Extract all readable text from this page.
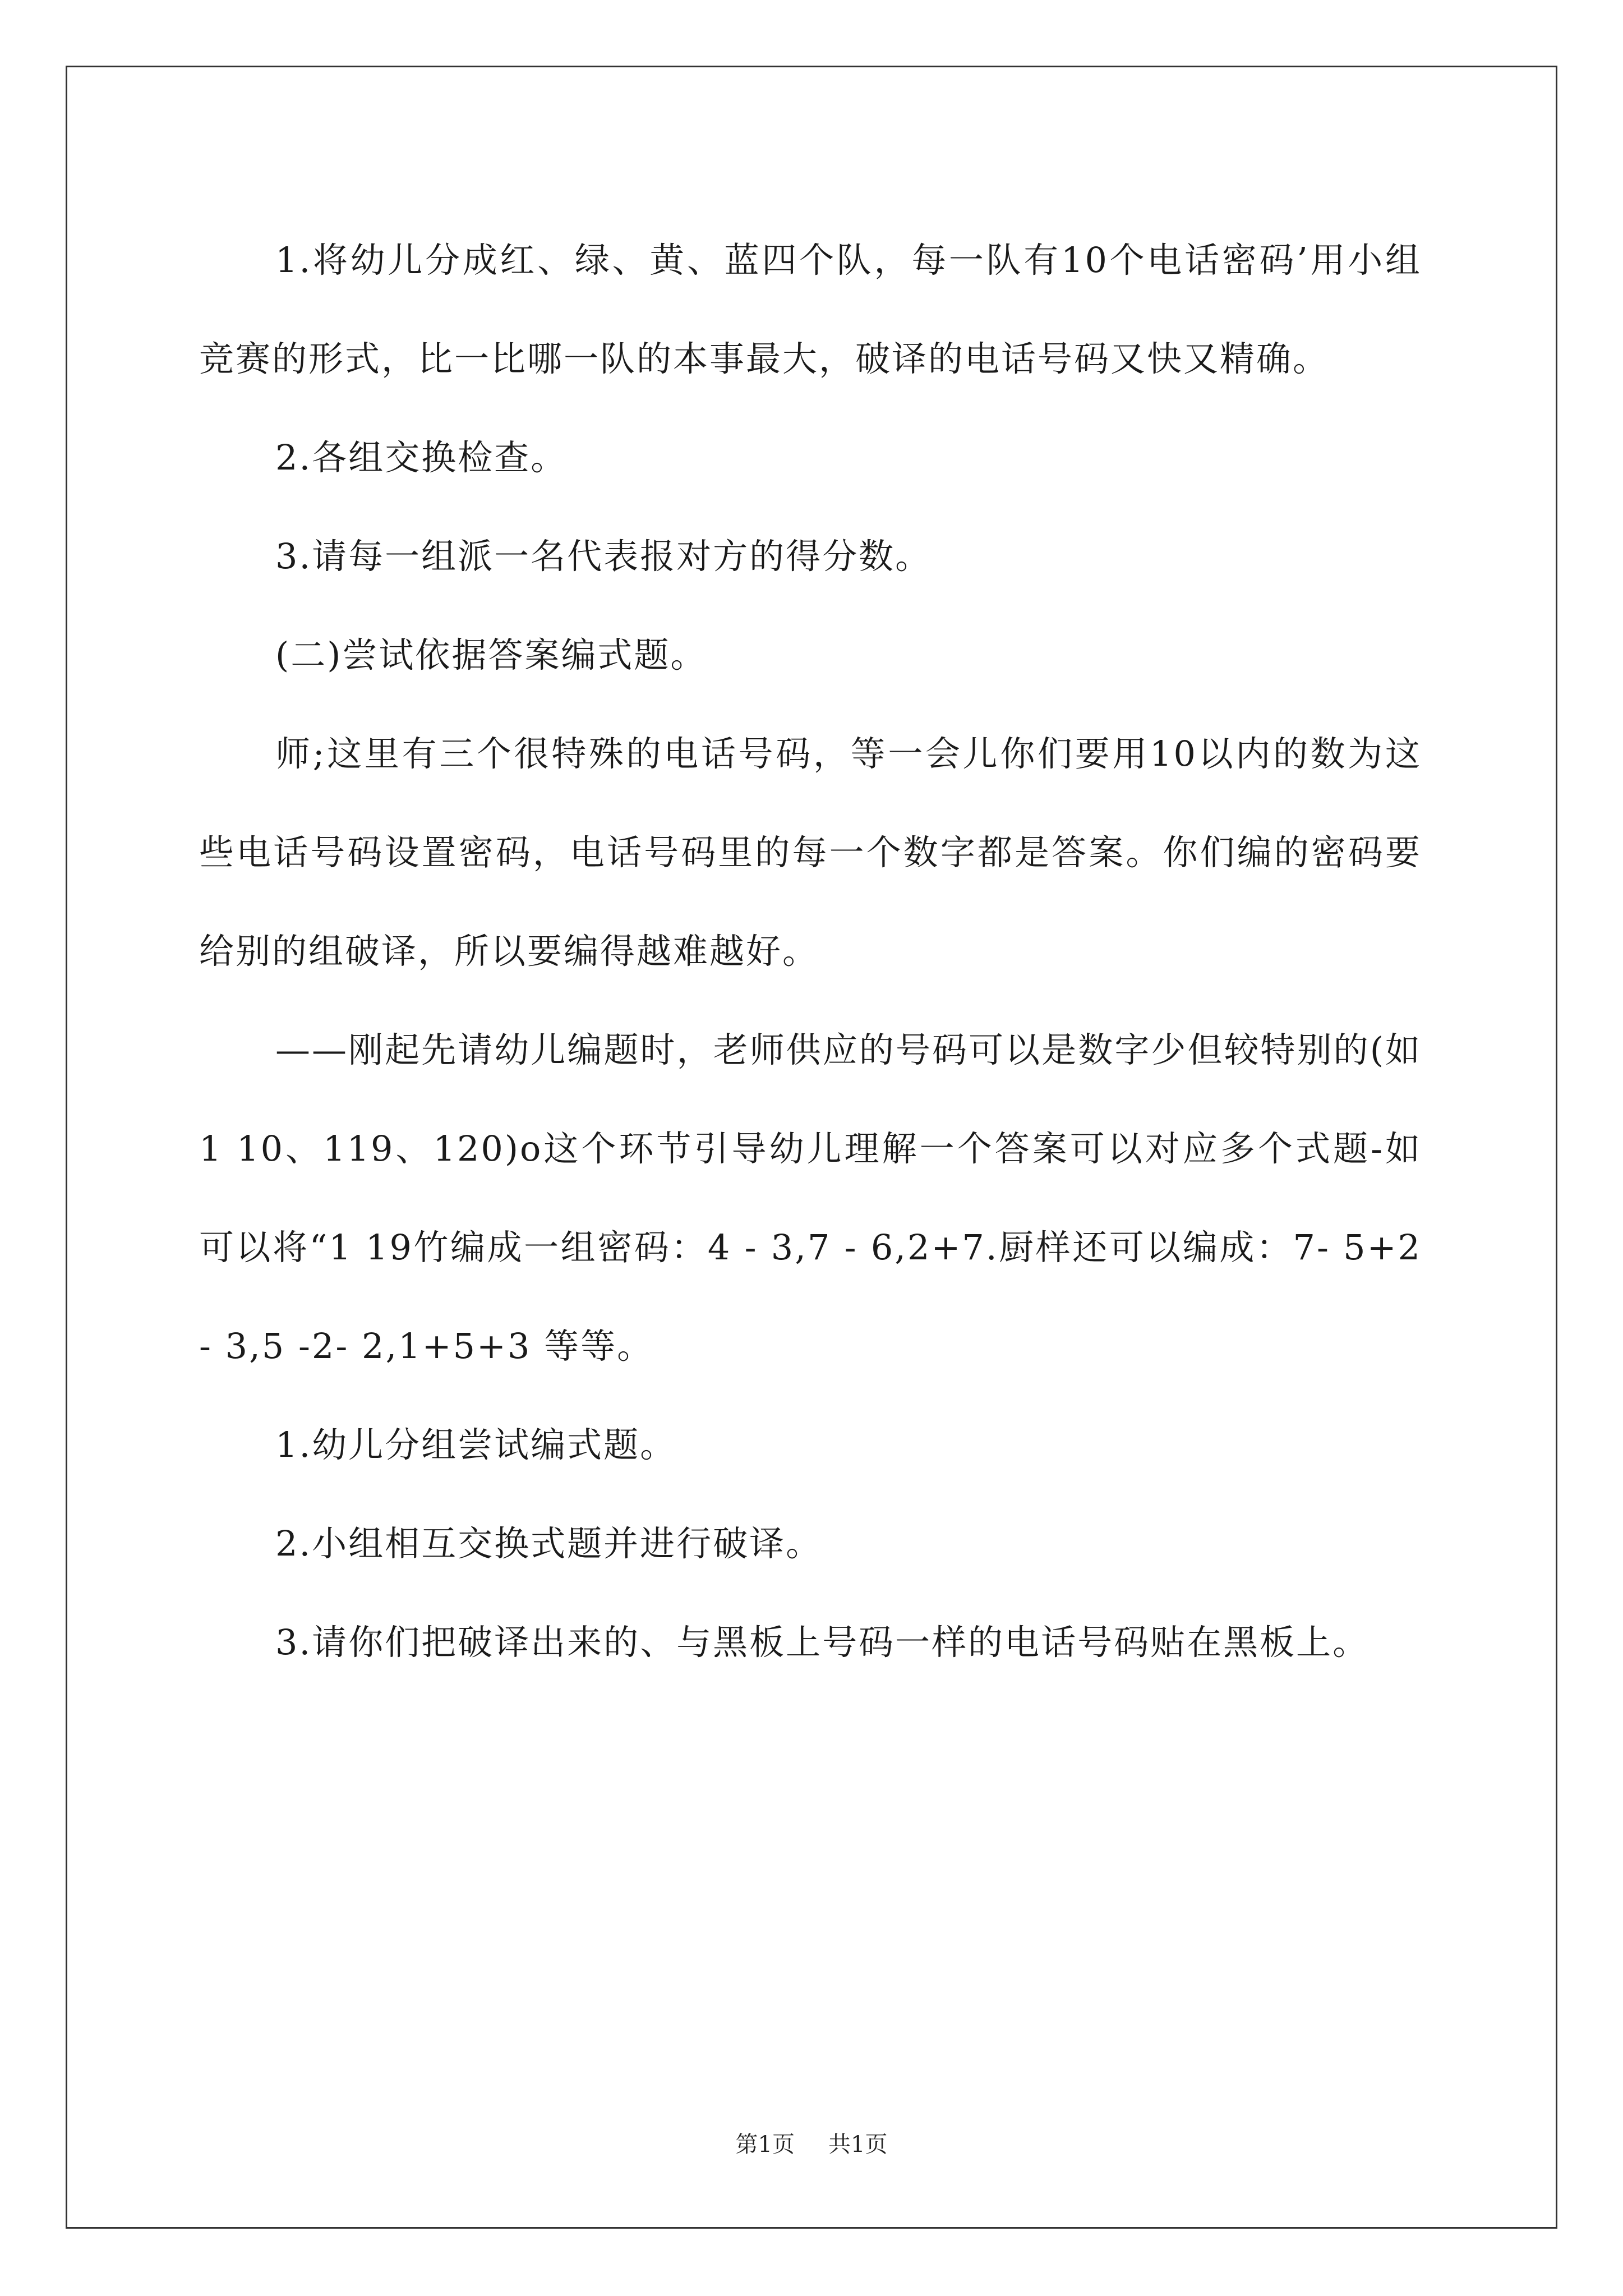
1.将幼儿分成红、绿、黄、蓝四个队，每一队有10个电话密码’用小组竞赛的形式，比一比哪一队的本事最大，破译的电话号码又快又精确。

2.各组交换检查。

3.请每一组派一名代表报对方的得分数。

(二)尝试依据答案编式题。

师;这里有三个很特殊的电话号码，等一会儿你们要用10以内的数为这些电话号码设置密码，电话号码里的每一个数字都是答案。你们编的密码要给别的组破译，所以要编得越难越好。

——刚起先请幼儿编题时，老师供应的号码可以是数字少但较特别的(如1 10、119、120)o这个环节引导幼儿理解一个答案可以对应多个式题-如可以将“1 19竹编成一组密码：4 - 3,7 - 6,2+7.厨样还可以编成：7- 5+2 - 3,5 -2- 2,1+5+3 等等。

1.幼儿分组尝试编式题。

2.小组相互交换式题并进行破译。

3.请你们把破译出来的、与黑板上号码一样的电话号码贴在黑板上。

第1页 共1页
